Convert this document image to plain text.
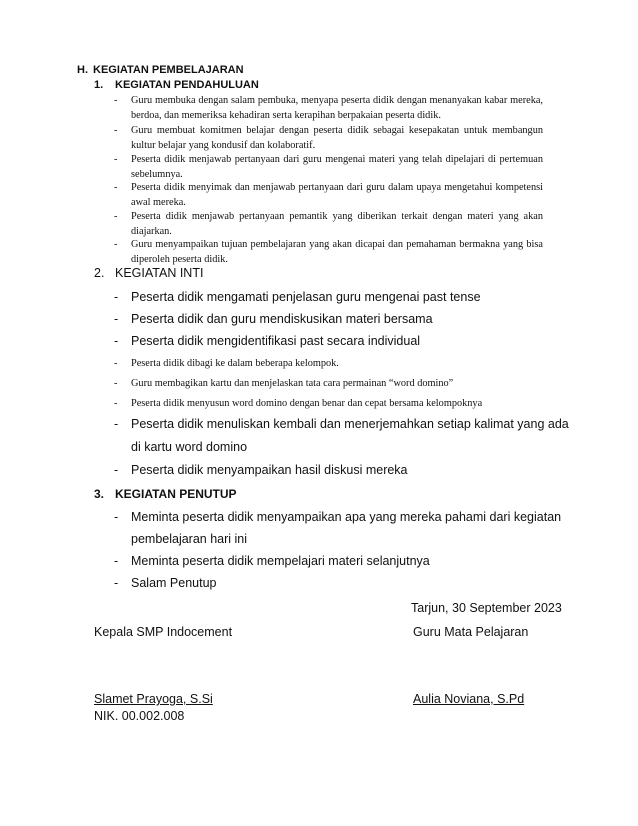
H. KEGIATAN PEMBELAJARAN
1. KEGIATAN PENDAHULUAN
- Guru membuka dengan salam pembuka, menyapa peserta didik dengan menanyakan kabar mereka, berdoa, dan memeriksa kehadiran serta kerapihan berpakaian peserta didik.
- Guru membuat komitmen belajar dengan peserta didik sebagai kesepakatan untuk membangun kultur belajar yang kondusif dan kolaboratif.
- Peserta didik menjawab pertanyaan dari guru mengenai materi yang telah dipelajari di pertemuan sebelumnya.
- Peserta didik menyimak dan menjawab pertanyaan dari guru dalam upaya mengetahui kompetensi awal mereka.
- Peserta didik menjawab pertanyaan pemantik yang diberikan terkait dengan materi yang akan diajarkan.
- Guru menyampaikan tujuan pembelajaran yang akan dicapai dan pemahaman bermakna yang bisa diperoleh peserta didik.
2. KEGIATAN INTI
- Peserta didik mengamati penjelasan guru mengenai past tense
- Peserta didik dan guru mendiskusikan materi bersama
- Peserta didik mengidentifikasi past secara individual
- Peserta didik dibagi ke dalam beberapa kelompok.
- Guru membagikan kartu dan menjelaskan tata cara permainan “word domino”
- Peserta didik menyusun word domino dengan benar dan cepat bersama kelompoknya
- Peserta didik menuliskan kembali dan menerjemahkan setiap kalimat yang ada
di kartu word domino
- Peserta didik menyampaikan hasil diskusi mereka
3. KEGIATAN PENUTUP
- Meminta peserta didik menyampaikan apa yang mereka pahami dari kegiatan
pembelajaran hari ini
- Meminta peserta didik mempelajari materi selanjutnya
- Salam Penutup
Tarjun, 30 September 2023
Kepala SMP Indocement	Guru Mata Pelajaran
Slamet Prayoga, S.Si	Aulia Noviana, S.Pd
NIK. 00.002.008
